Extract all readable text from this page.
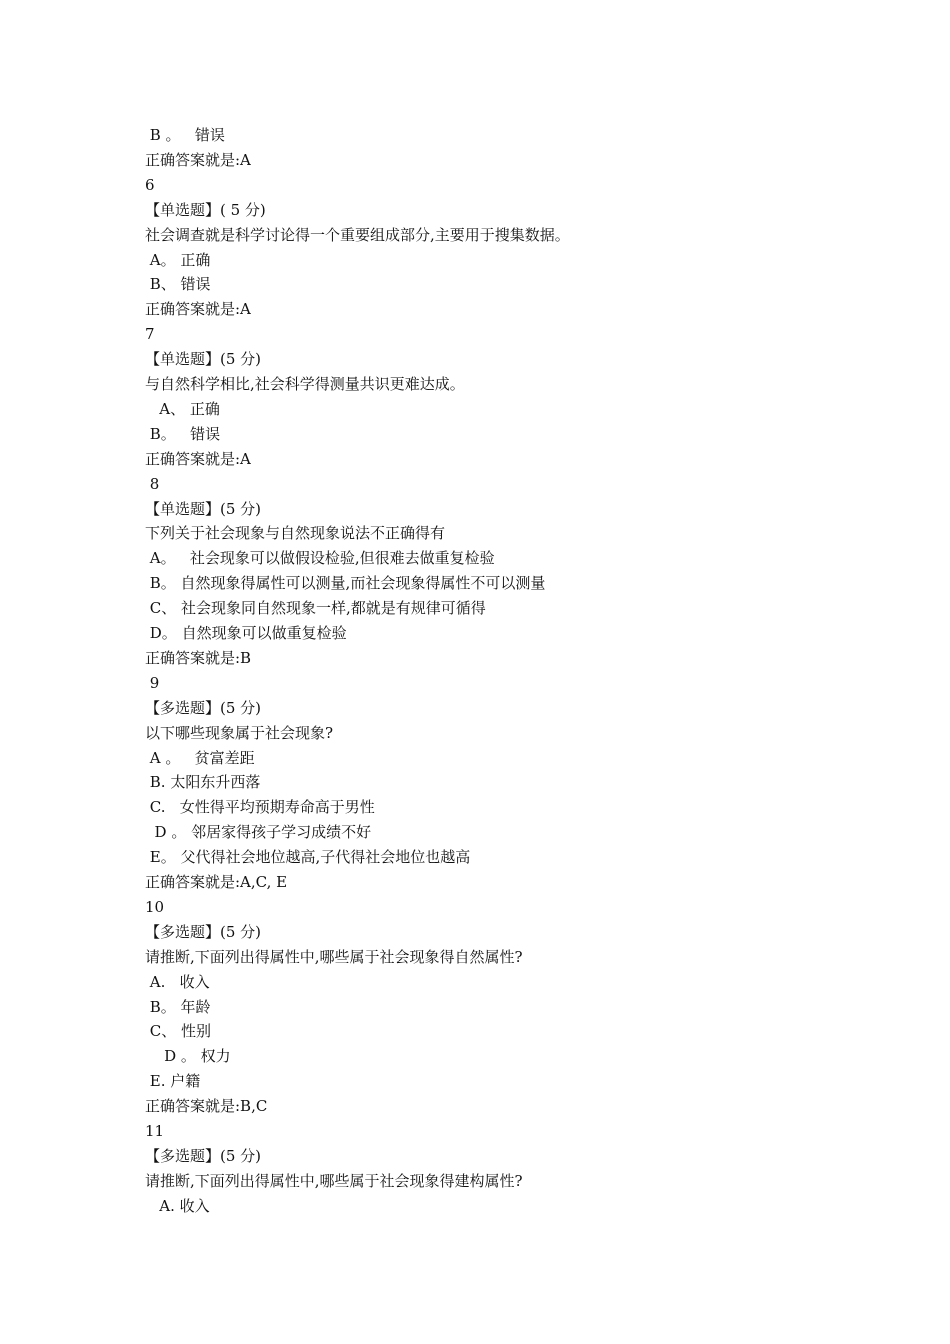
B 。   错误
正确答案就是:A
6
【单选题】( 5 分)
社会调查就是科学讨论得一个重要组成部分,主要用于搜集数据。
A。 正确
B、 错误
正确答案就是:A
7
【单选题】(5 分)
与自然科学相比,社会科学得测量共识更难达成。
A、 正确
B。   错误
正确答案就是:A
8
【单选题】(5 分)
下列关于社会现象与自然现象说法不正确得有
A。   社会现象可以做假设检验,但很难去做重复检验
B。 自然现象得属性可以测量,而社会现象得属性不可以测量
C、 社会现象同自然现象一样,都就是有规律可循得
D。 自然现象可以做重复检验
正确答案就是:B
9
【多选题】(5 分)
以下哪些现象属于社会现象?
A 。   贫富差距
B. 太阳东升西落
C.   女性得平均预期寿命高于男性
D 。 邻居家得孩子学习成绩不好
E。 父代得社会地位越高,子代得社会地位也越高
正确答案就是:A,C, E
10
【多选题】(5 分)
请推断,下面列出得属性中,哪些属于社会现象得自然属性?
A.   收入
B。 年龄
C、 性别
D 。 权力
E. 户籍
正确答案就是:B,C
11
【多选题】(5 分)
请推断,下面列出得属性中,哪些属于社会现象得建构属性?
A. 收入
